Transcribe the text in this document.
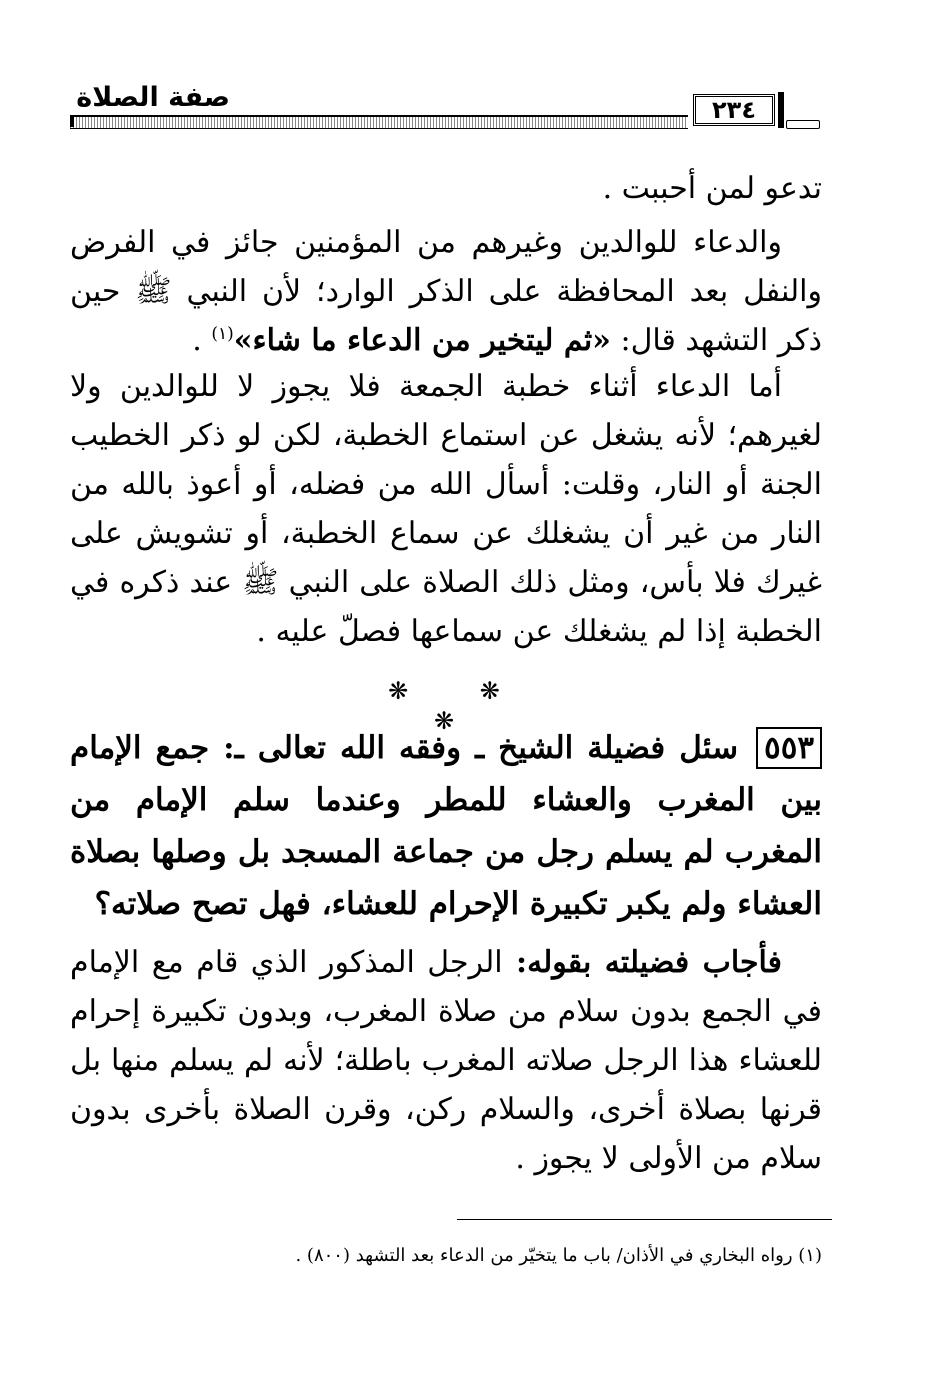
صفة الصلاة	٢٣٤
تدعو لمن أحببت .
والدعاء للوالدين وغيرهم من المؤمنين جائز في الفرض والنفل بعد المحافظة على الذكر الوارد؛ لأن النبي ﷺ حين ذكر التشهد قال: «ثم ليتخير من الدعاء ما شاء»$^{(١)}$ .
أما الدعاء أثناء خطبة الجمعة فلا يجوز لا للوالدين ولا لغيرهم؛ لأنه يشغل عن استماع الخطبة، لكن لو ذكر الخطيب الجنة أو النار، وقلت: أسأل الله من فضله، أو أعوذ بالله من النار من غير أن يشغلك عن سماع الخطبة، أو تشويش على غيرك فلا بأس، ومثل ذلك الصلاة على النبي ﷺ عند ذكره في الخطبة إذا لم يشغلك عن سماعها فصلّ عليه .
❋ ❋ ❋
٥٥٣سئل فضيلة الشيخ ـ وفقه الله تعالى ـ: جمع الإمام بين المغرب والعشاء للمطر وعندما سلم الإمام من المغرب لم يسلم رجل من جماعة المسجد بل وصلها بصلاة العشاء ولم يكبر تكبيرة الإحرام للعشاء، فهل تصح صلاته؟
فأجاب فضيلته بقوله: الرجل المذكور الذي قام مع الإمام في الجمع بدون سلام من صلاة المغرب، وبدون تكبيرة إحرام للعشاء هذا الرجل صلاته المغرب باطلة؛ لأنه لم يسلم منها بل قرنها بصلاة أخرى، والسلام ركن، وقرن الصلاة بأخرى بدون سلام من الأولى لا يجوز .
(١) رواه البخاري في الأذان/ باب ما يتخيّر من الدعاء بعد التشهد (٨٠٠) .
